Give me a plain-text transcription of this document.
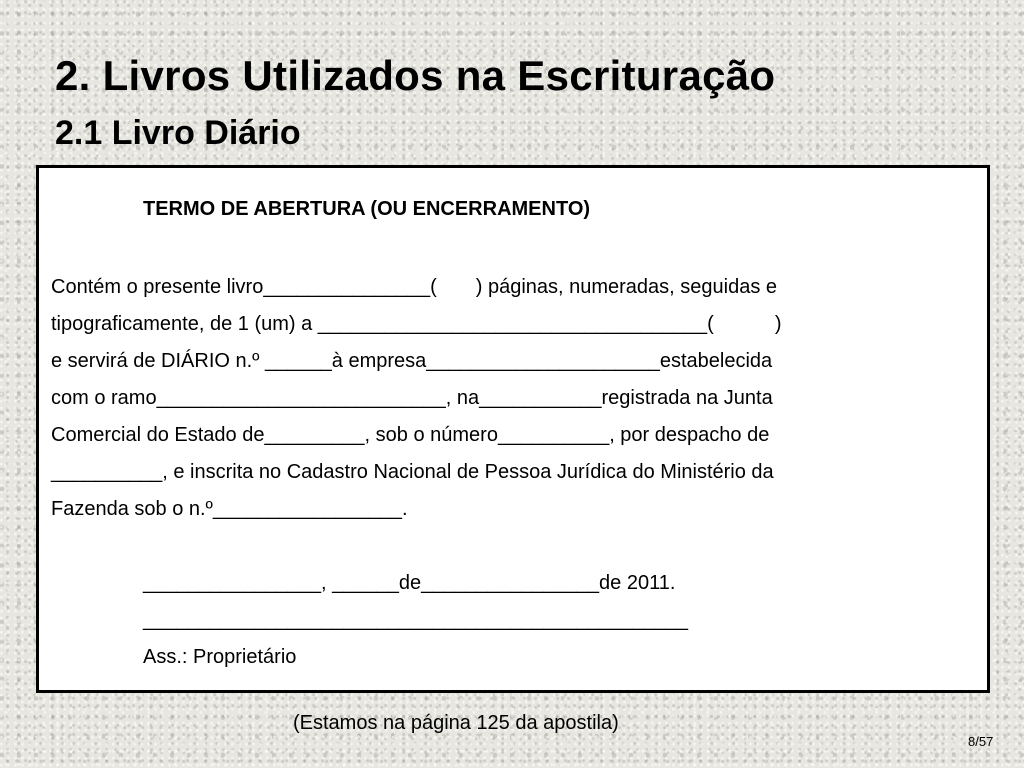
2. Livros Utilizados na Escrituração
2.1 Livro Diário

TERMO DE ABERTURA (OU ENCERRAMENTO)

Contém o presente livro_______________(       ) páginas, numeradas, seguidas e

tipograficamente, de 1 (um) a ___________________________________(           )

e servirá de DIÁRIO n.º ______à empresa_____________________estabelecida

com o ramo__________________________, na___________registrada na Junta

Comercial do Estado de_________, sob o número__________, por despacho de

__________, e inscrita no Cadastro Nacional de Pessoa Jurídica do Ministério da

Fazenda sob o n.º_________________.

________________, ______de________________de 2011.

_________________________________________________

Ass.: Proprietário

(Estamos na página 125 da apostila)

8/57
